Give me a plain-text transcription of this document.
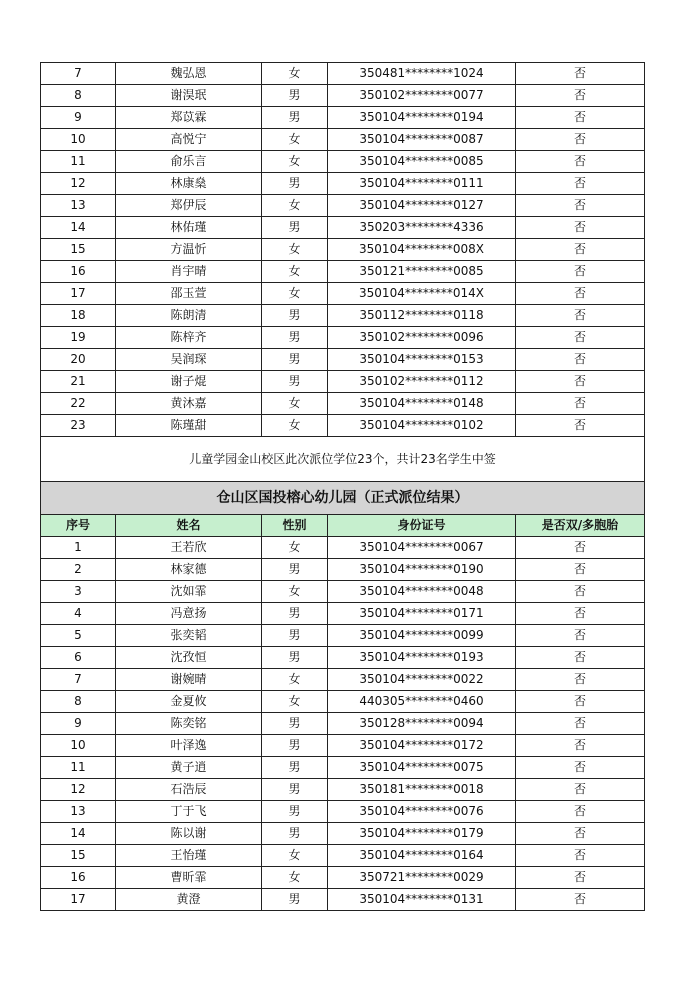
7	魏弘恩	女	350481********1024	否
8	谢淏珉	男	350102********0077	否
9	郑苡霖	男	350104********0194	否
10	高悦宁	女	350104********0087	否
11	俞乐言	女	350104********0085	否
12	林康燊	男	350104********0111	否
13	郑伊辰	女	350104********0127	否
14	林佑瑾	男	350203********4336	否
15	方温忻	女	350104********008X	否
16	肖宇晴	女	350121********0085	否
17	邵玉萱	女	350104********014X	否
18	陈朗清	男	350112********0118	否
19	陈梓齐	男	350102********0096	否
20	吴润琛	男	350104********0153	否
21	谢子焜	男	350102********0112	否
22	黄沐嘉	女	350104********0148	否
23	陈瑾甜	女	350104********0102	否
儿童学园金山校区此次派位学位23个，共计23名学生中签				
仓山区国投榕心幼儿园（正式派位结果）				
序号	姓名	性别	身份证号	是否双/多胞胎
1	王若欣	女	350104********0067	否
2	林家德	男	350104********0190	否
3	沈如霏	女	350104********0048	否
4	冯意扬	男	350104********0171	否
5	张奕韬	男	350104********0099	否
6	沈孜恒	男	350104********0193	否
7	谢婉晴	女	350104********0022	否
8	金夏攸	女	440305********0460	否
9	陈奕铭	男	350128********0094	否
10	叶泽逸	男	350104********0172	否
11	黄子逍	男	350104********0075	否
12	石浩辰	男	350181********0018	否
13	丁于飞	男	350104********0076	否
14	陈以谢	男	350104********0179	否
15	王怡瑾	女	350104********0164	否
16	曹昕霏	女	350721********0029	否
17	黄澄	男	350104********0131	否
